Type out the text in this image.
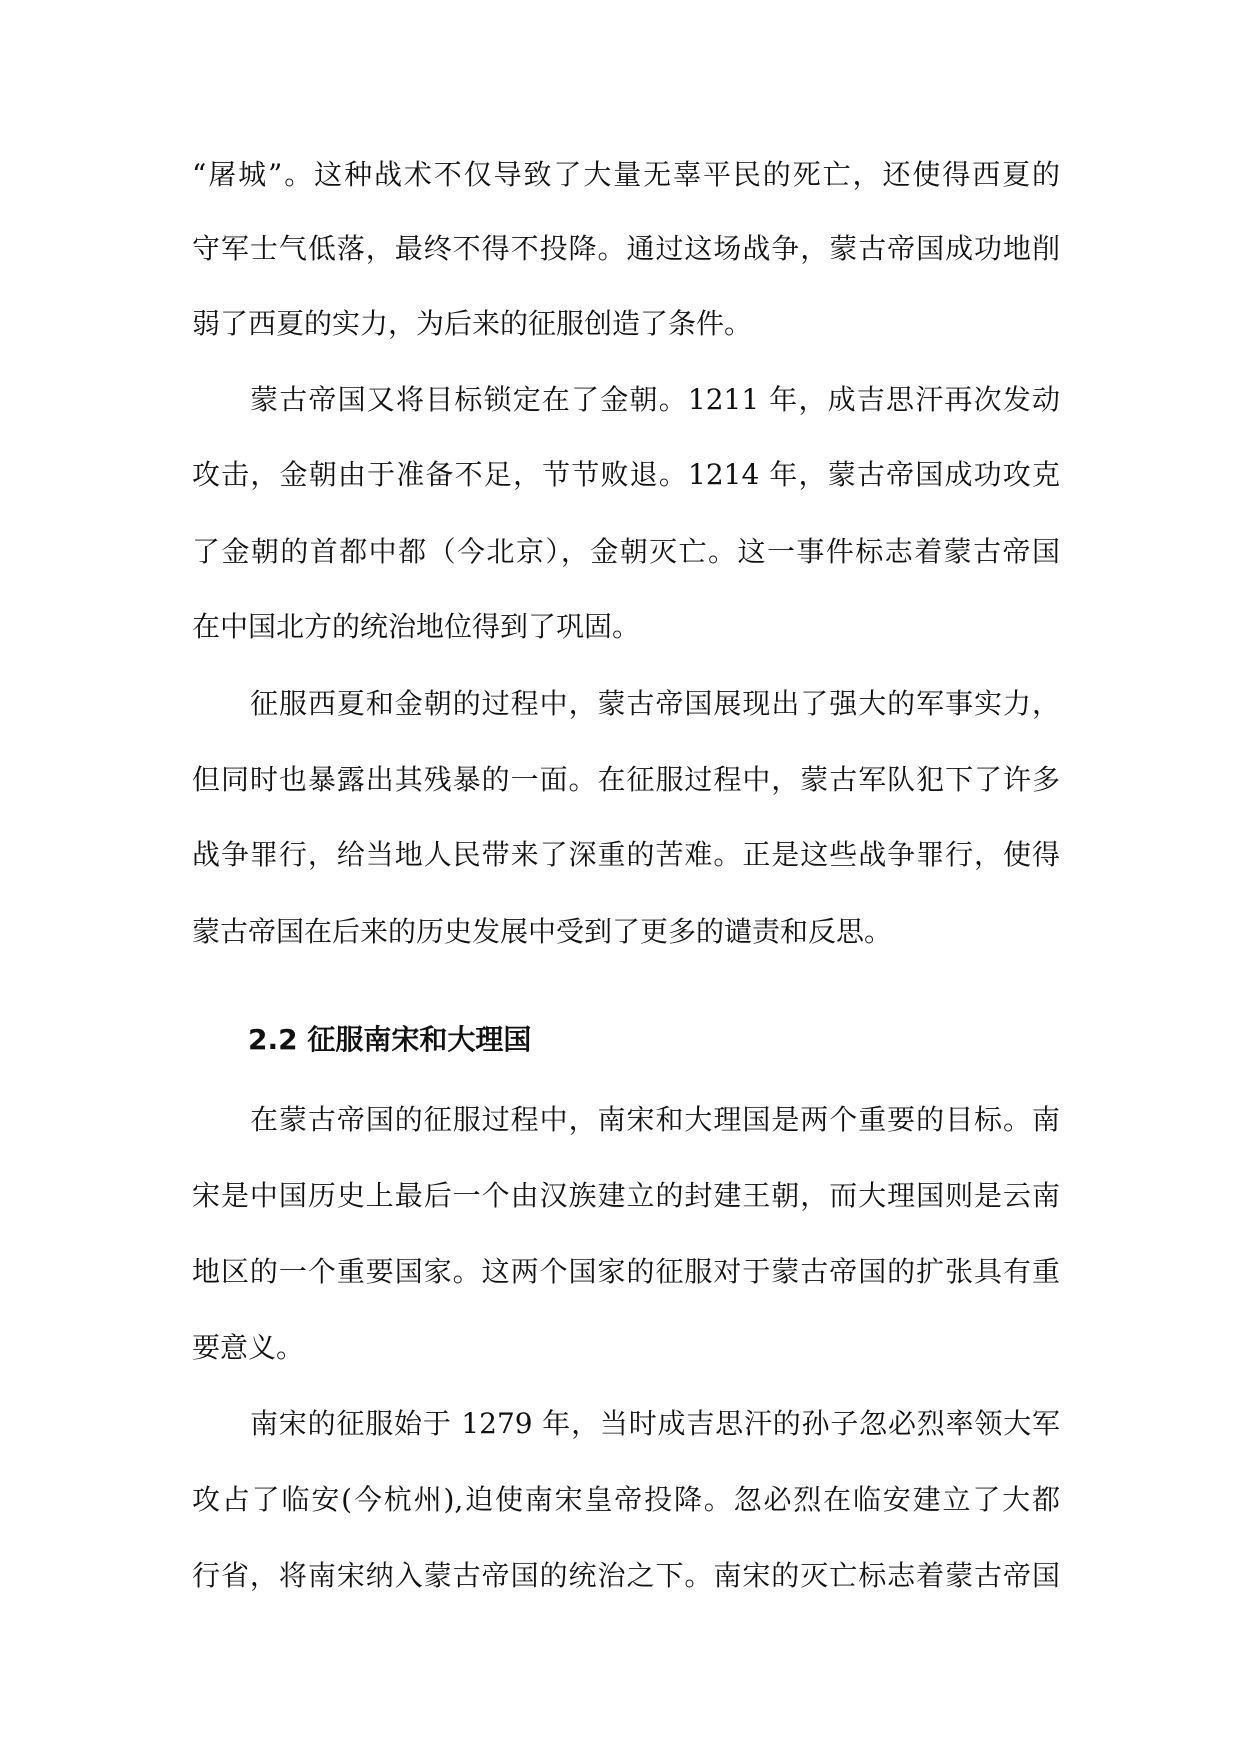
“屠城”。这种战术不仅导致了大量无辜平民的死亡，还使得西夏的
守军士气低落，最终不得不投降。通过这场战争，蒙古帝国成功地削
弱了西夏的实力，为后来的征服创造了条件。
蒙古帝国又将目标锁定在了金朝。1211 年，成吉思汗再次发动
攻击，金朝由于准备不足，节节败退。1214 年，蒙古帝国成功攻克
了金朝的首都中都（今北京），金朝灭亡。这一事件标志着蒙古帝国
在中国北方的统治地位得到了巩固。
征服西夏和金朝的过程中，蒙古帝国展现出了强大的军事实力，
但同时也暴露出其残暴的一面。在征服过程中，蒙古军队犯下了许多
战争罪行，给当地人民带来了深重的苦难。正是这些战争罪行，使得
蒙古帝国在后来的历史发展中受到了更多的谴责和反思。
2.2 征服南宋和大理国
在蒙古帝国的征服过程中，南宋和大理国是两个重要的目标。南
宋是中国历史上最后一个由汉族建立的封建王朝，而大理国则是云南
地区的一个重要国家。这两个国家的征服对于蒙古帝国的扩张具有重
要意义。
南宋的征服始于 1279 年，当时成吉思汗的孙子忽必烈率领大军
攻占了临安(今杭州),迫使南宋皇帝投降。忽必烈在临安建立了大都
行省，将南宋纳入蒙古帝国的统治之下。南宋的灭亡标志着蒙古帝国
